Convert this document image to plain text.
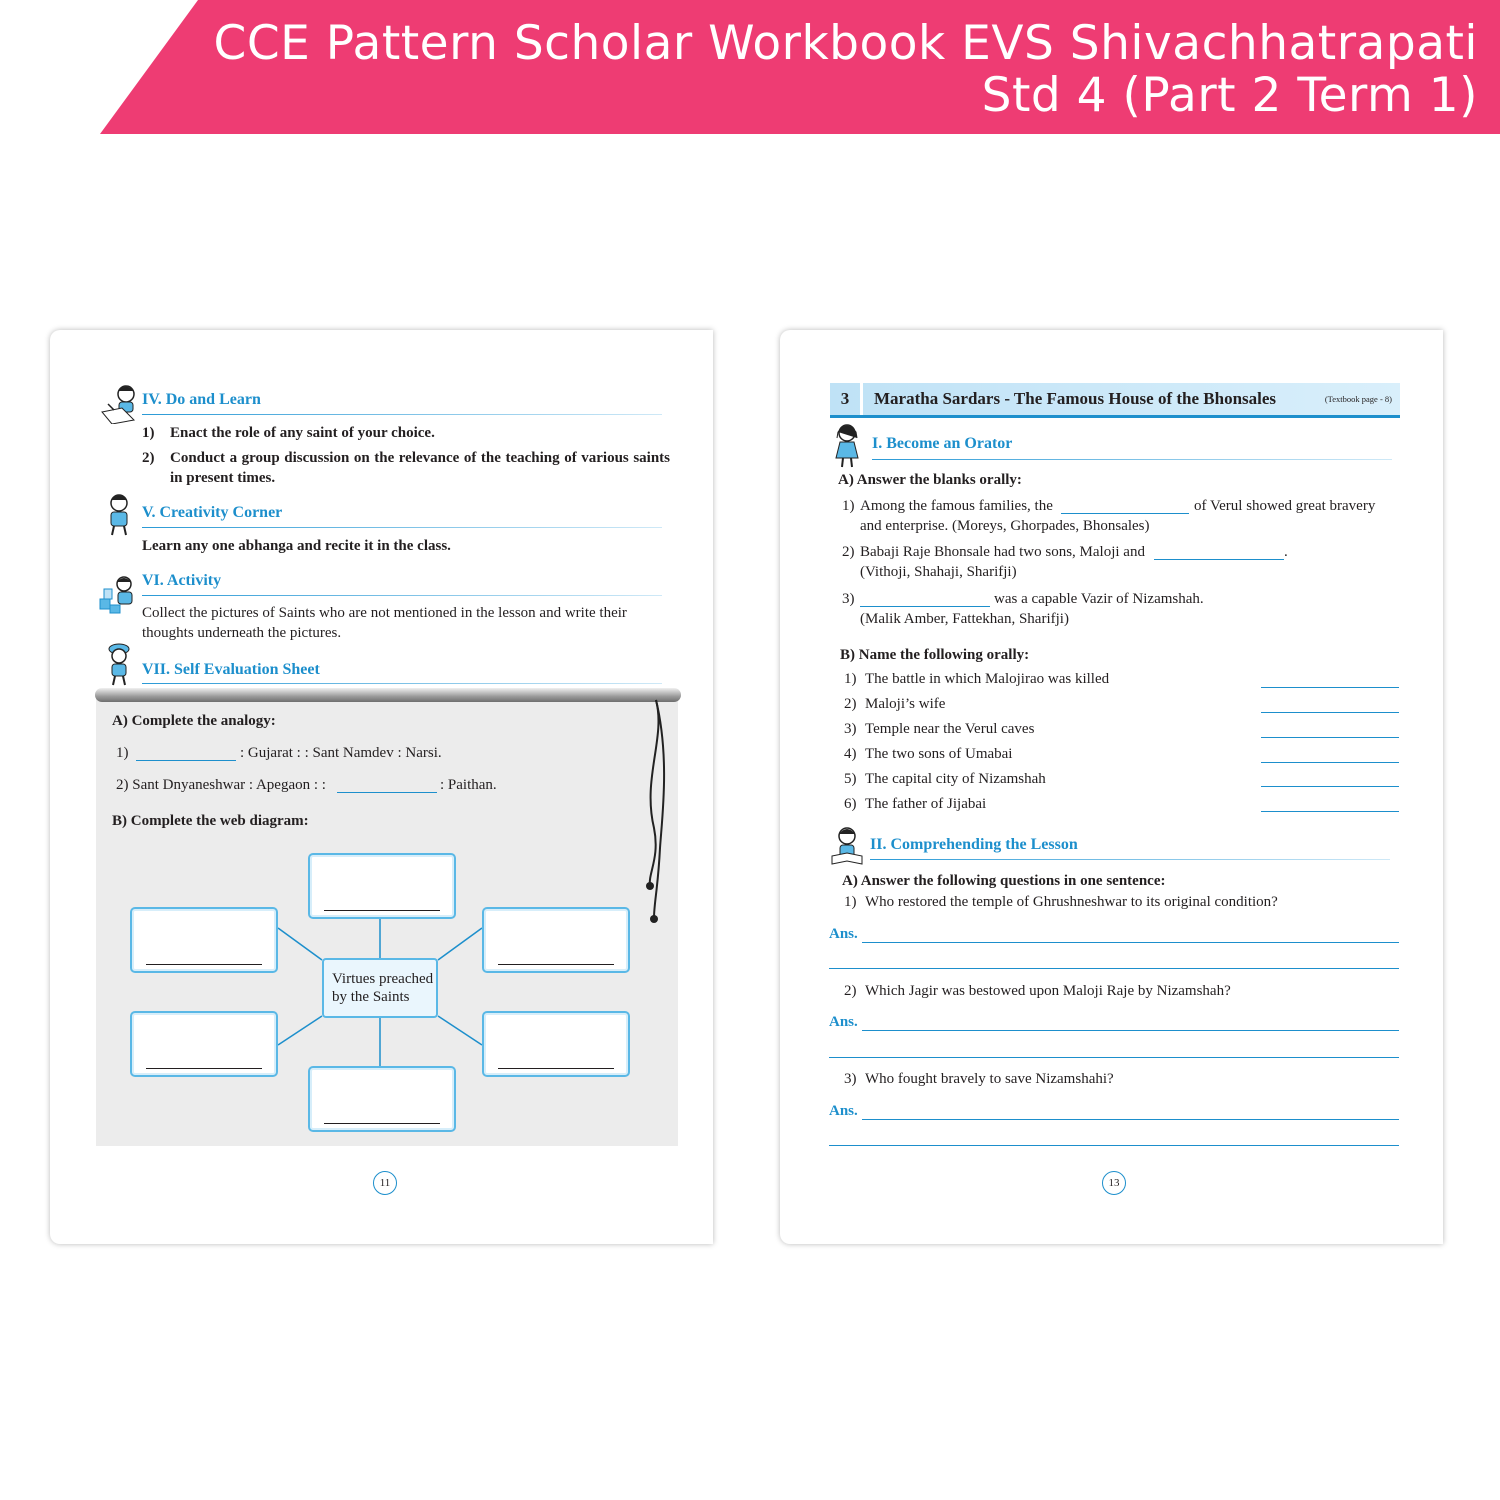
CCE Pattern Scholar Workbook EVS Shivachhatrapati
Std 4 (Part 2 Term 1)
IV. Do and Learn
1) Enact the role of any saint of your choice.
2) Conduct a group discussion on the relevance of the teaching of various saints in present times.
V. Creativity Corner
Learn any one abhanga and recite it in the class.
VI. Activity
Collect the pictures of Saints who are not mentioned in the lesson and write their thoughts underneath the pictures.
VII. Self Evaluation Sheet
A) Complete the analogy:
1)	: Gujarat : : Sant Namdev : Narsi.
2) Sant Dnyaneshwar : Apegaon : :	: Paithan.
B) Complete the web diagram:
Virtues preached by the Saints
11
3	Maratha Sardars - The Famous House of the Bhonsales	(Textbook page - 8)
I. Become an Orator
A) Answer the blanks orally:
1) Among the famous families, the	of Verul showed great bravery
and enterprise. (Moreys, Ghorpades, Bhonsales)
2) Babaji Raje Bhonsale had two sons, Maloji and	.
(Vithoji, Shahaji, Sharifji)
3)	was a capable Vazir of Nizamshah.
(Malik Amber, Fattekhan, Sharifji)
B) Name the following orally:
1) The battle in which Malojirao was killed
2) Maloji’s wife
3) Temple near the Verul caves
4) The two sons of Umabai
5) The capital city of Nizamshah
6) The father of Jijabai
II. Comprehending the Lesson
A) Answer the following questions in one sentence:
1) Who restored the temple of Ghrushneshwar to its original condition?
Ans.
2) Which Jagir was bestowed upon Maloji Raje by Nizamshah?
Ans.
3) Who fought bravely to save Nizamshahi?
Ans.
13
